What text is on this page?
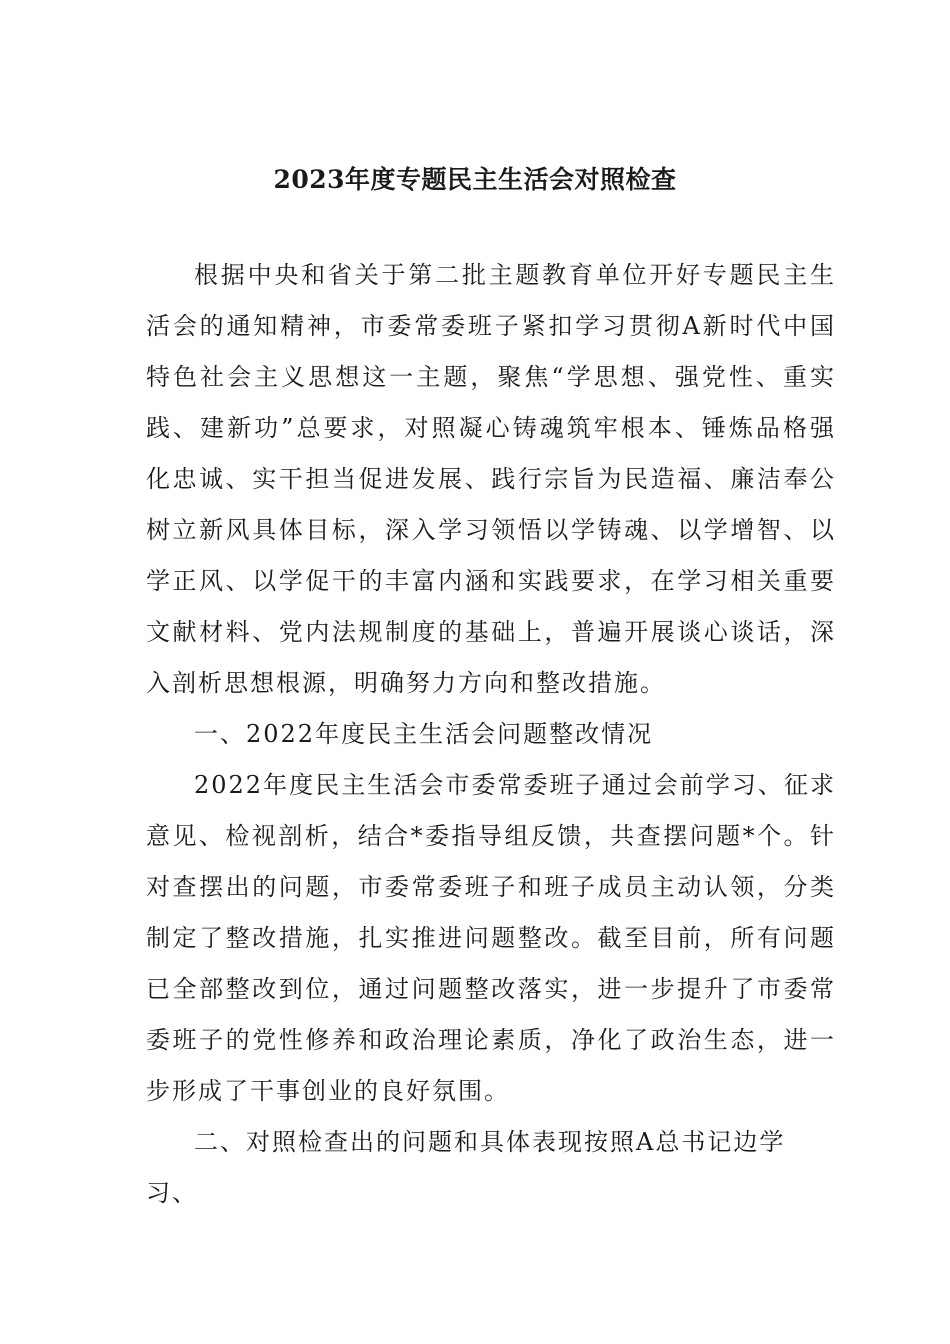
2023年度专题民主生活会对照检查

根据中央和省关于第二批主题教育单位开好专题民主生活会的通知精神，市委常委班子紧扣学习贯彻A新时代中国特色社会主义思想这一主题，聚焦“学思想、强党性、重实践、建新功”总要求，对照凝心铸魂筑牢根本、锤炼品格强化忠诚、实干担当促进发展、践行宗旨为民造福、廉洁奉公树立新风具体目标，深入学习领悟以学铸魂、以学增智、以学正风、以学促干的丰富内涵和实践要求，在学习相关重要文献材料、党内法规制度的基础上，普遍开展谈心谈话，深入剖析思想根源，明确努力方向和整改措施。

一、2022年度民主生活会问题整改情况

2022年度民主生活会市委常委班子通过会前学习、征求意见、检视剖析，结合*委指导组反馈，共查摆问题*个。针对查摆出的问题，市委常委班子和班子成员主动认领，分类制定了整改措施，扎实推进问题整改。截至目前，所有问题已全部整改到位，通过问题整改落实，进一步提升了市委常委班子的党性修养和政治理论素质，净化了政治生态，进一步形成了干事创业的良好氛围。

二、对照检查出的问题和具体表现按照A总书记边学习、
